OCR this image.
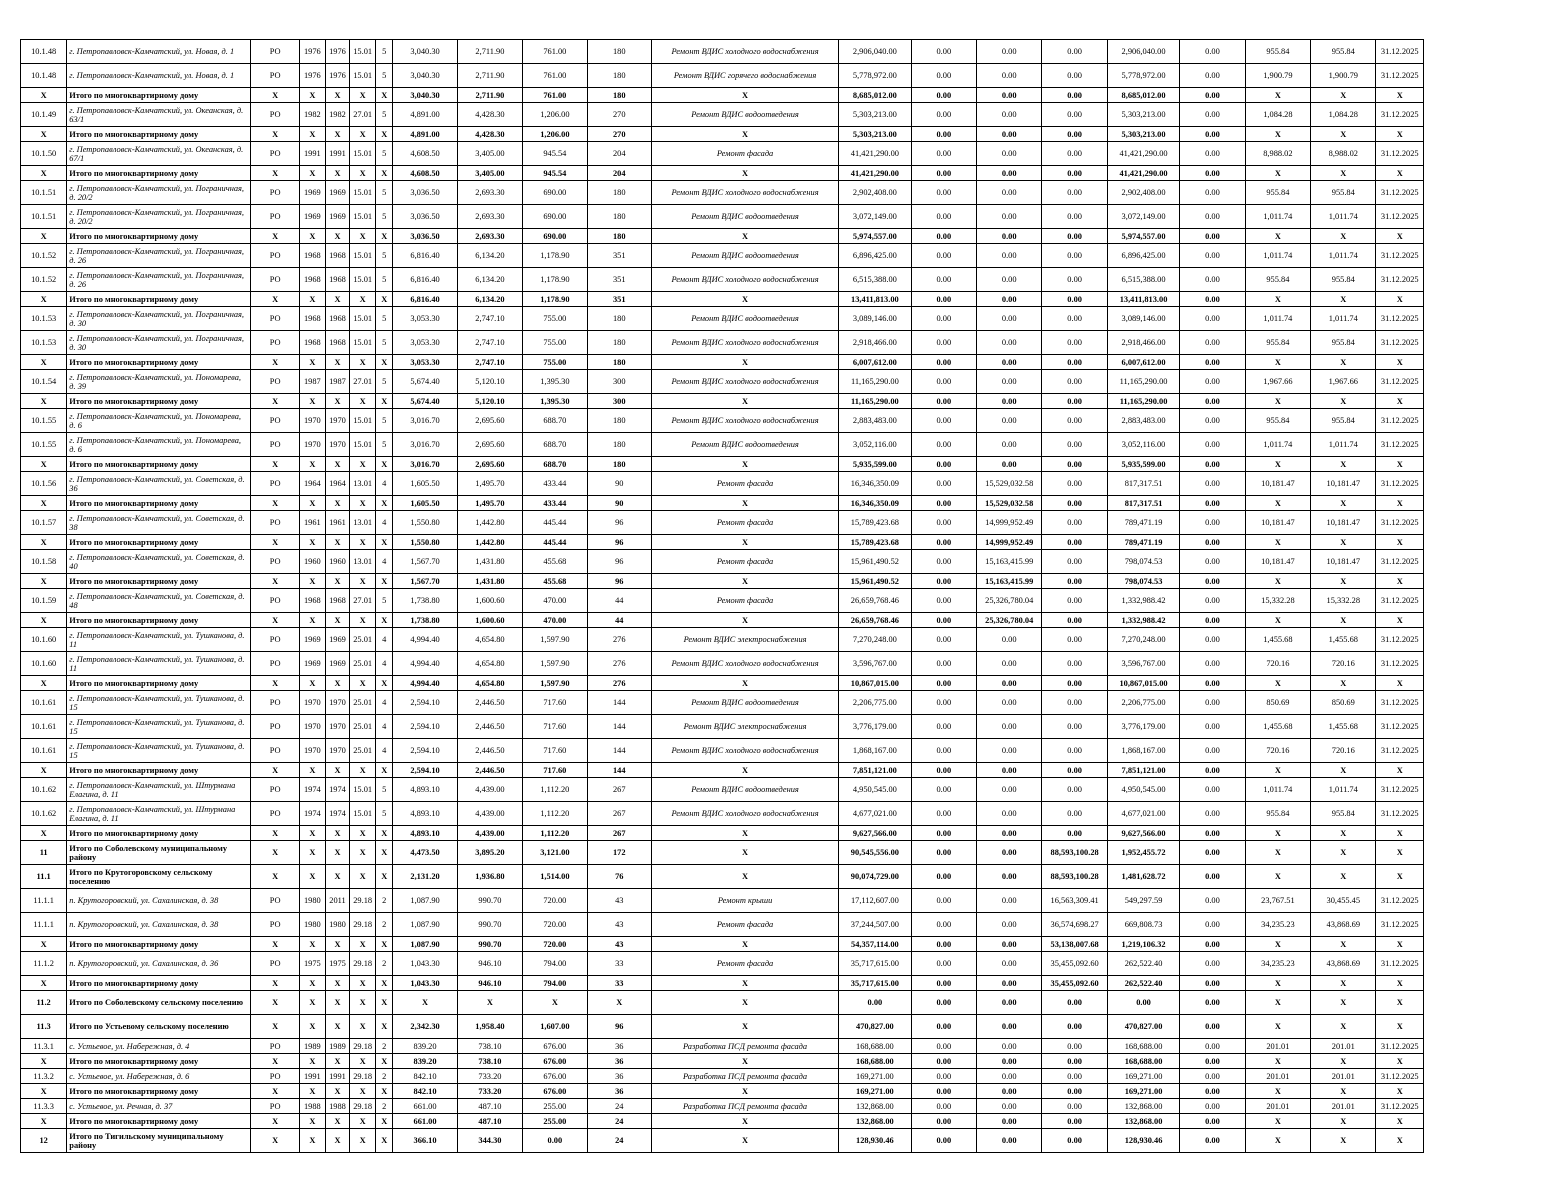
10.1.48	г. Петропавловск-Камчатский, ул. Новая, д. 1	РО	1976	1976	15.01	5	3,040.30	2,711.90	761.00	180	Ремонт ВДИС холодного водоснабжения	2,906,040.00	0.00	0.00	0.00	2,906,040.00	0.00	955.84	955.84	31.12.2025
10.1.48	г. Петропавловск-Камчатский, ул. Новая, д. 1	РО	1976	1976	15.01	5	3,040.30	2,711.90	761.00	180	Ремонт ВДИС горячего водоснабжения	5,778,972.00	0.00	0.00	0.00	5,778,972.00	0.00	1,900.79	1,900.79	31.12.2025
X	Итого по многоквартирному дому	X	X	X	X	X	3,040.30	2,711.90	761.00	180	X	8,685,012.00	0.00	0.00	0.00	8,685,012.00	0.00	X	X	X
10.1.49	г. Петропавловск-Камчатский, ул. Океанская, д. 63/1	РО	1982	1982	27.01	5	4,891.00	4,428.30	1,206.00	270	Ремонт ВДИС водоотведения	5,303,213.00	0.00	0.00	0.00	5,303,213.00	0.00	1,084.28	1,084.28	31.12.2025
X	Итого по многоквартирному дому	X	X	X	X	X	4,891.00	4,428.30	1,206.00	270	X	5,303,213.00	0.00	0.00	0.00	5,303,213.00	0.00	X	X	X
10.1.50	г. Петропавловск-Камчатский, ул. Океанская, д. 67/1	РО	1991	1991	15.01	5	4,608.50	3,405.00	945.54	204	Ремонт фасада	41,421,290.00	0.00	0.00	0.00	41,421,290.00	0.00	8,988.02	8,988.02	31.12.2025
X	Итого по многоквартирному дому	X	X	X	X	X	4,608.50	3,405.00	945.54	204	X	41,421,290.00	0.00	0.00	0.00	41,421,290.00	0.00	X	X	X
10.1.51	г. Петропавловск-Камчатский, ул. Пограничная, д. 20/2	РО	1969	1969	15.01	5	3,036.50	2,693.30	690.00	180	Ремонт ВДИС холодного водоснабжения	2,902,408.00	0.00	0.00	0.00	2,902,408.00	0.00	955.84	955.84	31.12.2025
10.1.51	г. Петропавловск-Камчатский, ул. Пограничная, д. 20/2	РО	1969	1969	15.01	5	3,036.50	2,693.30	690.00	180	Ремонт ВДИС водоотведения	3,072,149.00	0.00	0.00	0.00	3,072,149.00	0.00	1,011.74	1,011.74	31.12.2025
X	Итого по многоквартирному дому	X	X	X	X	X	3,036.50	2,693.30	690.00	180	X	5,974,557.00	0.00	0.00	0.00	5,974,557.00	0.00	X	X	X
10.1.52	г. Петропавловск-Камчатский, ул. Пограничная, д. 26	РО	1968	1968	15.01	5	6,816.40	6,134.20	1,178.90	351	Ремонт ВДИС водоотведения	6,896,425.00	0.00	0.00	0.00	6,896,425.00	0.00	1,011.74	1,011.74	31.12.2025
10.1.52	г. Петропавловск-Камчатский, ул. Пограничная, д. 26	РО	1968	1968	15.01	5	6,816.40	6,134.20	1,178.90	351	Ремонт ВДИС холодного водоснабжения	6,515,388.00	0.00	0.00	0.00	6,515,388.00	0.00	955.84	955.84	31.12.2025
X	Итого по многоквартирному дому	X	X	X	X	X	6,816.40	6,134.20	1,178.90	351	X	13,411,813.00	0.00	0.00	0.00	13,411,813.00	0.00	X	X	X
10.1.53	г. Петропавловск-Камчатский, ул. Пограничная, д. 30	РО	1968	1968	15.01	5	3,053.30	2,747.10	755.00	180	Ремонт ВДИС водоотведения	3,089,146.00	0.00	0.00	0.00	3,089,146.00	0.00	1,011.74	1,011.74	31.12.2025
10.1.53	г. Петропавловск-Камчатский, ул. Пограничная, д. 30	РО	1968	1968	15.01	5	3,053.30	2,747.10	755.00	180	Ремонт ВДИС холодного водоснабжения	2,918,466.00	0.00	0.00	0.00	2,918,466.00	0.00	955.84	955.84	31.12.2025
X	Итого по многоквартирному дому	X	X	X	X	X	3,053.30	2,747.10	755.00	180	X	6,007,612.00	0.00	0.00	0.00	6,007,612.00	0.00	X	X	X
10.1.54	г. Петропавловск-Камчатский, ул. Пономарева, д. 39	РО	1987	1987	27.01	5	5,674.40	5,120.10	1,395.30	300	Ремонт ВДИС холодного водоснабжения	11,165,290.00	0.00	0.00	0.00	11,165,290.00	0.00	1,967.66	1,967.66	31.12.2025
X	Итого по многоквартирному дому	X	X	X	X	X	5,674.40	5,120.10	1,395.30	300	X	11,165,290.00	0.00	0.00	0.00	11,165,290.00	0.00	X	X	X
10.1.55	г. Петропавловск-Камчатский, ул. Пономарева, д. 6	РО	1970	1970	15.01	5	3,016.70	2,695.60	688.70	180	Ремонт ВДИС холодного водоснабжения	2,883,483.00	0.00	0.00	0.00	2,883,483.00	0.00	955.84	955.84	31.12.2025
10.1.55	г. Петропавловск-Камчатский, ул. Пономарева, д. 6	РО	1970	1970	15.01	5	3,016.70	2,695.60	688.70	180	Ремонт ВДИС водоотведения	3,052,116.00	0.00	0.00	0.00	3,052,116.00	0.00	1,011.74	1,011.74	31.12.2025
X	Итого по многоквартирному дому	X	X	X	X	X	3,016.70	2,695.60	688.70	180	X	5,935,599.00	0.00	0.00	0.00	5,935,599.00	0.00	X	X	X
10.1.56	г. Петропавловск-Камчатский, ул. Советская, д. 36	РО	1964	1964	13.01	4	1,605.50	1,495.70	433.44	90	Ремонт фасада	16,346,350.09	0.00	15,529,032.58	0.00	817,317.51	0.00	10,181.47	10,181.47	31.12.2025
X	Итого по многоквартирному дому	X	X	X	X	X	1,605.50	1,495.70	433.44	90	X	16,346,350.09	0.00	15,529,032.58	0.00	817,317.51	0.00	X	X	X
10.1.57	г. Петропавловск-Камчатский, ул. Советская, д. 38	РО	1961	1961	13.01	4	1,550.80	1,442.80	445.44	96	Ремонт фасада	15,789,423.68	0.00	14,999,952.49	0.00	789,471.19	0.00	10,181.47	10,181.47	31.12.2025
X	Итого по многоквартирному дому	X	X	X	X	X	1,550.80	1,442.80	445.44	96	X	15,789,423.68	0.00	14,999,952.49	0.00	789,471.19	0.00	X	X	X
10.1.58	г. Петропавловск-Камчатский, ул. Советская, д. 40	РО	1960	1960	13.01	4	1,567.70	1,431.80	455.68	96	Ремонт фасада	15,961,490.52	0.00	15,163,415.99	0.00	798,074.53	0.00	10,181.47	10,181.47	31.12.2025
X	Итого по многоквартирному дому	X	X	X	X	X	1,567.70	1,431.80	455.68	96	X	15,961,490.52	0.00	15,163,415.99	0.00	798,074.53	0.00	X	X	X
10.1.59	г. Петропавловск-Камчатский, ул. Советская, д. 48	РО	1968	1968	27.01	5	1,738.80	1,600.60	470.00	44	Ремонт фасада	26,659,768.46	0.00	25,326,780.04	0.00	1,332,988.42	0.00	15,332.28	15,332.28	31.12.2025
X	Итого по многоквартирному дому	X	X	X	X	X	1,738.80	1,600.60	470.00	44	X	26,659,768.46	0.00	25,326,780.04	0.00	1,332,988.42	0.00	X	X	X
10.1.60	г. Петропавловск-Камчатский, ул. Тушканова, д. 11	РО	1969	1969	25.01	4	4,994.40	4,654.80	1,597.90	276	Ремонт ВДИС электроснабжения	7,270,248.00	0.00	0.00	0.00	7,270,248.00	0.00	1,455.68	1,455.68	31.12.2025
10.1.60	г. Петропавловск-Камчатский, ул. Тушканова, д. 11	РО	1969	1969	25.01	4	4,994.40	4,654.80	1,597.90	276	Ремонт ВДИС холодного водоснабжения	3,596,767.00	0.00	0.00	0.00	3,596,767.00	0.00	720.16	720.16	31.12.2025
X	Итого по многоквартирному дому	X	X	X	X	X	4,994.40	4,654.80	1,597.90	276	X	10,867,015.00	0.00	0.00	0.00	10,867,015.00	0.00	X	X	X
10.1.61	г. Петропавловск-Камчатский, ул. Тушканова, д. 15	РО	1970	1970	25.01	4	2,594.10	2,446.50	717.60	144	Ремонт ВДИС водоотведения	2,206,775.00	0.00	0.00	0.00	2,206,775.00	0.00	850.69	850.69	31.12.2025
10.1.61	г. Петропавловск-Камчатский, ул. Тушканова, д. 15	РО	1970	1970	25.01	4	2,594.10	2,446.50	717.60	144	Ремонт ВДИС электроснабжения	3,776,179.00	0.00	0.00	0.00	3,776,179.00	0.00	1,455.68	1,455.68	31.12.2025
10.1.61	г. Петропавловск-Камчатский, ул. Тушканова, д. 15	РО	1970	1970	25.01	4	2,594.10	2,446.50	717.60	144	Ремонт ВДИС холодного водоснабжения	1,868,167.00	0.00	0.00	0.00	1,868,167.00	0.00	720.16	720.16	31.12.2025
X	Итого по многоквартирному дому	X	X	X	X	X	2,594.10	2,446.50	717.60	144	X	7,851,121.00	0.00	0.00	0.00	7,851,121.00	0.00	X	X	X
10.1.62	г. Петропавловск-Камчатский, ул. Штурмана Елагина, д. 11	РО	1974	1974	15.01	5	4,893.10	4,439.00	1,112.20	267	Ремонт ВДИС водоотведения	4,950,545.00	0.00	0.00	0.00	4,950,545.00	0.00	1,011.74	1,011.74	31.12.2025
10.1.62	г. Петропавловск-Камчатский, ул. Штурмана Елагина, д. 11	РО	1974	1974	15.01	5	4,893.10	4,439.00	1,112.20	267	Ремонт ВДИС холодного водоснабжения	4,677,021.00	0.00	0.00	0.00	4,677,021.00	0.00	955.84	955.84	31.12.2025
X	Итого по многоквартирному дому	X	X	X	X	X	4,893.10	4,439.00	1,112.20	267	X	9,627,566.00	0.00	0.00	0.00	9,627,566.00	0.00	X	X	X
11	Итого по Соболевскому муниципальному району	X	X	X	X	X	4,473.50	3,895.20	3,121.00	172	X	90,545,556.00	0.00	0.00	88,593,100.28	1,952,455.72	0.00	X	X	X
11.1	Итого по Крутогоровскому сельскому поселению	X	X	X	X	X	2,131.20	1,936.80	1,514.00	76	X	90,074,729.00	0.00	0.00	88,593,100.28	1,481,628.72	0.00	X	X	X
11.1.1	п. Крутогоровский, ул. Сахалинская, д. 38	РО	1980	2011	29.18	2	1,087.90	990.70	720.00	43	Ремонт крыши	17,112,607.00	0.00	0.00	16,563,309.41	549,297.59	0.00	23,767.51	30,455.45	31.12.2025
11.1.1	п. Крутогоровский, ул. Сахалинская, д. 38	РО	1980	1980	29.18	2	1,087.90	990.70	720.00	43	Ремонт фасада	37,244,507.00	0.00	0.00	36,574,698.27	669,808.73	0.00	34,235.23	43,868.69	31.12.2025
X	Итого по многоквартирному дому	X	X	X	X	X	1,087.90	990.70	720.00	43	X	54,357,114.00	0.00	0.00	53,138,007.68	1,219,106.32	0.00	X	X	X
11.1.2	п. Крутогоровский, ул. Сахалинская, д. 36	РО	1975	1975	29.18	2	1,043.30	946.10	794.00	33	Ремонт фасада	35,717,615.00	0.00	0.00	35,455,092.60	262,522.40	0.00	34,235.23	43,868.69	31.12.2025
X	Итого по многоквартирному дому	X	X	X	X	X	1,043.30	946.10	794.00	33	X	35,717,615.00	0.00	0.00	35,455,092.60	262,522.40	0.00	X	X	X
11.2	Итого по Соболевскому сельскому поселению	X	X	X	X	X	X	X	X	X	X	0.00	0.00	0.00	0.00	0.00	0.00	X	X	X
11.3	Итого по Устьевому сельскому поселению	X	X	X	X	X	2,342.30	1,958.40	1,607.00	96	X	470,827.00	0.00	0.00	0.00	470,827.00	0.00	X	X	X
11.3.1	с. Устьевое, ул. Набережная, д. 4	РО	1989	1989	29.18	2	839.20	738.10	676.00	36	Разработка ПСД ремонта фасада	168,688.00	0.00	0.00	0.00	168,688.00	0.00	201.01	201.01	31.12.2025
X	Итого по многоквартирному дому	X	X	X	X	X	839.20	738.10	676.00	36	X	168,688.00	0.00	0.00	0.00	168,688.00	0.00	X	X	X
11.3.2	с. Устьевое, ул. Набережная, д. 6	РО	1991	1991	29.18	2	842.10	733.20	676.00	36	Разработка ПСД ремонта фасада	169,271.00	0.00	0.00	0.00	169,271.00	0.00	201.01	201.01	31.12.2025
X	Итого по многоквартирному дому	X	X	X	X	X	842.10	733.20	676.00	36	X	169,271.00	0.00	0.00	0.00	169,271.00	0.00	X	X	X
11.3.3	с. Устьевое, ул. Речная, д. 37	РО	1988	1988	29.18	2	661.00	487.10	255.00	24	Разработка ПСД ремонта фасада	132,868.00	0.00	0.00	0.00	132,868.00	0.00	201.01	201.01	31.12.2025
X	Итого по многоквартирному дому	X	X	X	X	X	661.00	487.10	255.00	24	X	132,868.00	0.00	0.00	0.00	132,868.00	0.00	X	X	X
12	Итого по Тигильскому муниципальному району	X	X	X	X	X	366.10	344.30	0.00	24	X	128,930.46	0.00	0.00	0.00	128,930.46	0.00	X	X	X
